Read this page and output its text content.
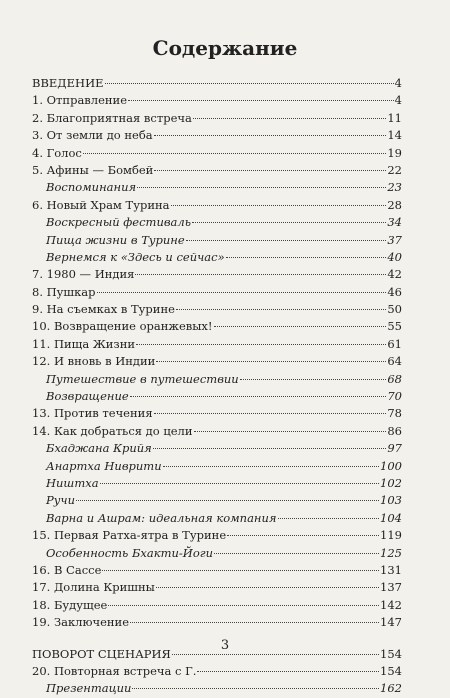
Содержание
ВВЕДЕНИЕ	4
1. Отправление	4
2. Благоприятная встреча	11
3. От земли до неба	14
4. Голос	19
5. Афины — Бомбей	22
Воспоминания	23
6. Новый Храм Турина	28
Воскресный фестиваль	34
Пища жизни в Турине	37
Вернемся к «Здесь и сейчас»	40
7. 1980 — Индия	42
8. Пушкар	46
9. На съемках в Турине	50
10. Возвращение оранжевых!	55
11. Пища Жизни	61
12. И вновь в Индии	64
Путешествие в путешествии	68
Возвращение	70
13. Против течения	78
14. Как добраться до цели	86
Бхаджана Крийя	97
Анартха Ниврити	100
Ништха	102
Ручи	103
Варна и Ашрам: идеальная компания	104
15. Первая Ратха-ятра в Турине	119
Особенность Бхакти-Йоги	125
16. В Сассе	131
17. Долина Кришны	137
18. Будущее	142
19. Заключение	147
ПОВОРОТ СЦЕНАРИЯ	154
20. Повторная встреча с Г.	154
Презентации	162
3
